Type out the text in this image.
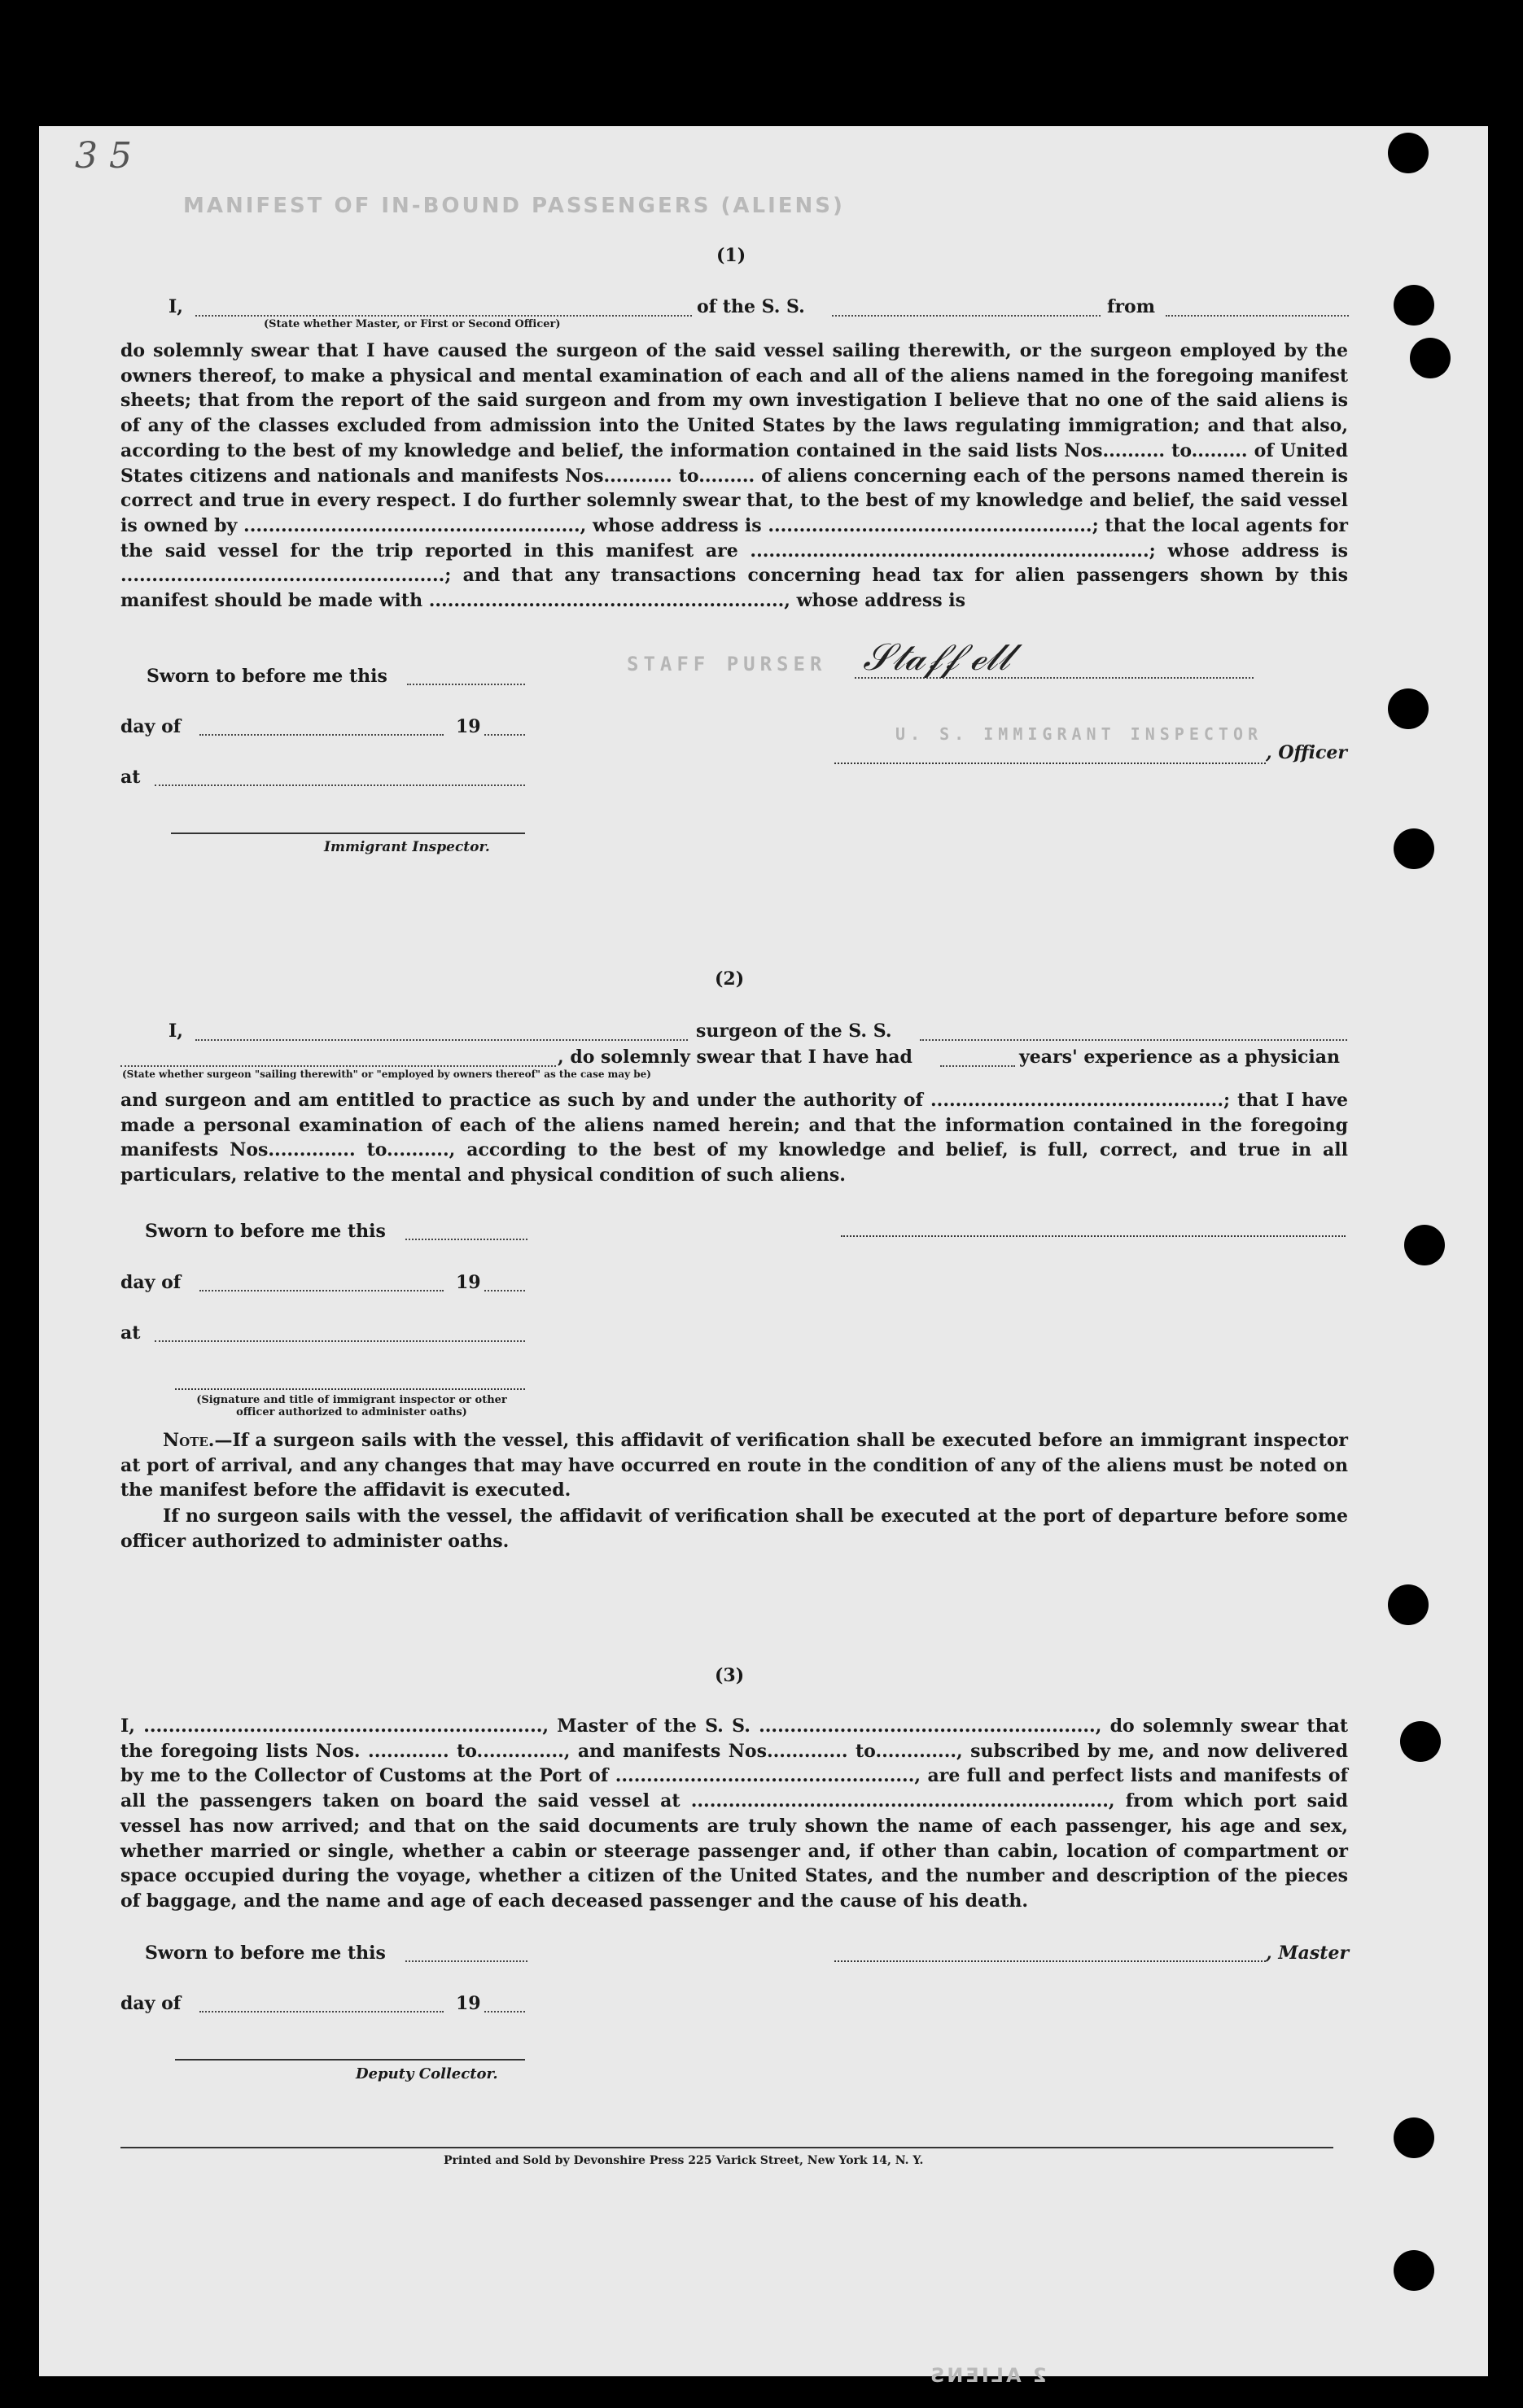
3 5
MANIFEST OF IN-BOUND PASSENGERS (ALIENS)
(1)
I,	of the S. S.	from
(State whether Master, or First or Second Officer)
do solemnly swear that I have caused the surgeon of the said vessel sailing therewith, or the surgeon employed by the owners thereof, to make a physical and mental examination of each and all of the aliens named in the foregoing manifest sheets; that from the report of the said surgeon and from my own investigation I believe that no one of the said aliens is of any of the classes excluded from admission into the United States by the laws regulating immigration; and that also, according to the best of my knowledge and belief, the information contained in the said lists Nos.......... to......... of United States citizens and nationals and manifests Nos........... to......... of aliens concerning each of the persons named therein is correct and true in every respect. I do further solemnly swear that, to the best of my knowledge and belief, the said vessel is owned by ......................................................, whose address is ....................................................; that the local agents for the said vessel for the trip reported in this manifest are ................................................................; whose address is ....................................................; and that any transactions concerning head tax for alien passengers shown by this manifest should be made with ........................................................., whose address is
Sworn to before me this	𝒮𝓉𝒶𝒻𝒻 ℯ𝓁𝓁
STAFF PURSER
day of	19	U. S. IMMIGRANT INSPECTOR
, Officer
at
Immigrant Inspector.
(2)
I,	surgeon of the S. S.
, do solemnly swear that I have had	years' experience as a physician
(State whether surgeon "sailing therewith" or "employed by owners thereof" as the case may be)
and surgeon and am entitled to practice as such by and under the authority of ...............................................; that I have made a personal examination of each of the aliens named herein; and that the information contained in the foregoing manifests Nos.............. to.........., according to the best of my knowledge and belief, is full, correct, and true in all particulars, relative to the mental and physical condition of such aliens.
Sworn to before me this
day of	19
at
(Signature and title of immigrant inspector or other officer authorized to administer oaths)
Note.—If a surgeon sails with the vessel, this affidavit of verification shall be executed before an immigrant inspector at port of arrival, and any changes that may have occurred en route in the condition of any of the aliens must be noted on the manifest before the affidavit is executed.
If no surgeon sails with the vessel, the affidavit of verification shall be executed at the port of departure before some officer authorized to administer oaths.
(3)
I, ................................................................, Master of the S. S. ......................................................, do solemnly swear that the foregoing lists Nos. ............. to.............., and manifests Nos............. to............., subscribed by me, and now delivered by me to the Collector of Customs at the Port of ................................................, are full and perfect lists and manifests of all the passengers taken on board the said vessel at ..................................................................., from which port said vessel has now arrived; and that on the said documents are truly shown the name of each passenger, his age and sex, whether married or single, whether a cabin or steerage passenger and, if other than cabin, location of compartment or space occupied during the voyage, whether a citizen of the United States, and the number and description of the pieces of baggage, and the name and age of each deceased passenger and the cause of his death.
Sworn to before me this	, Master
day of	19
Deputy Collector.
Printed and Sold by Devonshire Press 225 Varick Street, New York 14, N. Y.
2 ALIENS
